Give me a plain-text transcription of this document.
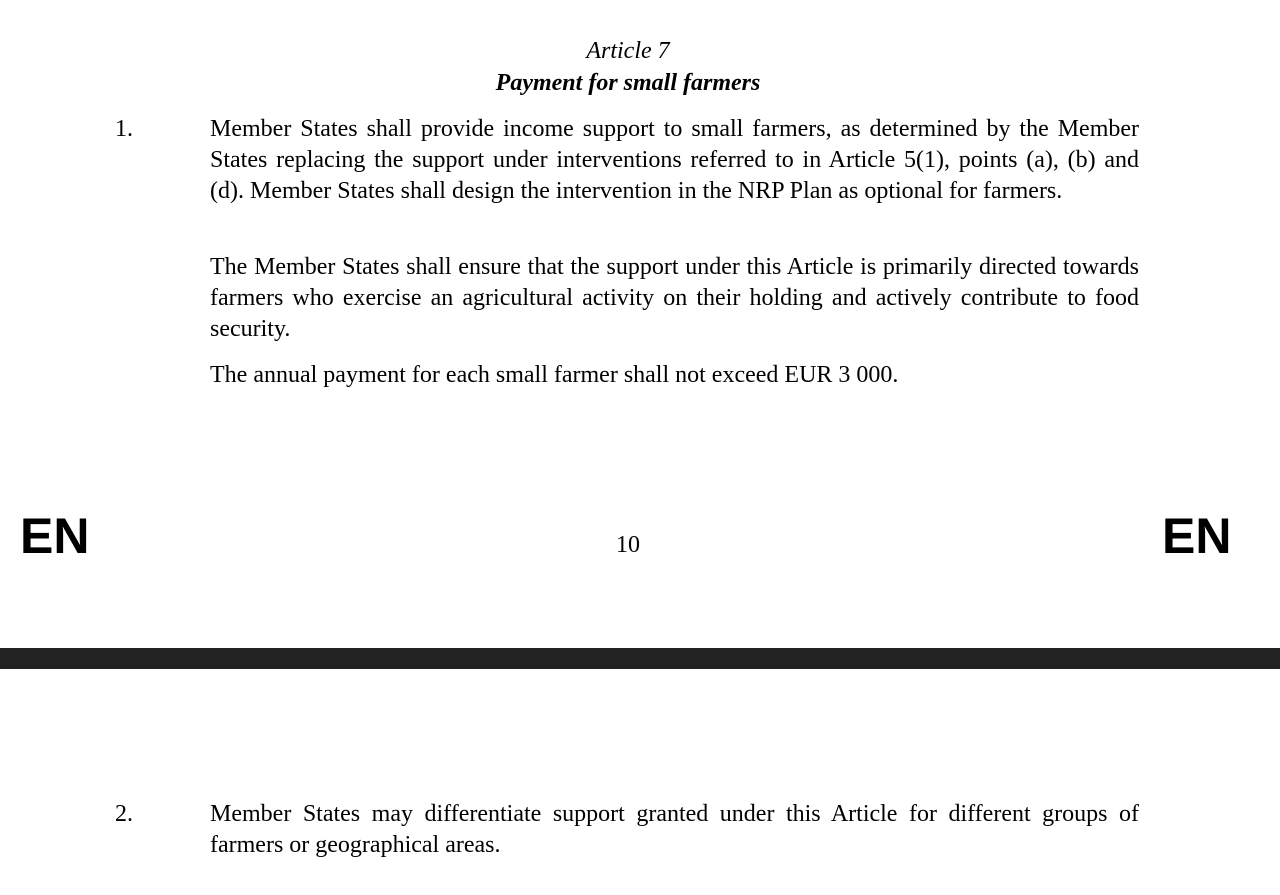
Article 7
Payment for small farmers
1.	Member States shall provide income support to small farmers, as determined by the Member States replacing the support under interventions referred to in Article 5(1), points (a), (b) and (d). Member States shall design the intervention in the NRP Plan as optional for farmers.

The Member States shall ensure that the support under this Article is primarily directed towards farmers who exercise an agricultural activity on their holding and actively contribute to food security.

The annual payment for each small farmer shall not exceed EUR 3 000.

EN	10	EN
2.	Member States may differentiate support granted under this Article for different groups of farmers or geographical areas.
